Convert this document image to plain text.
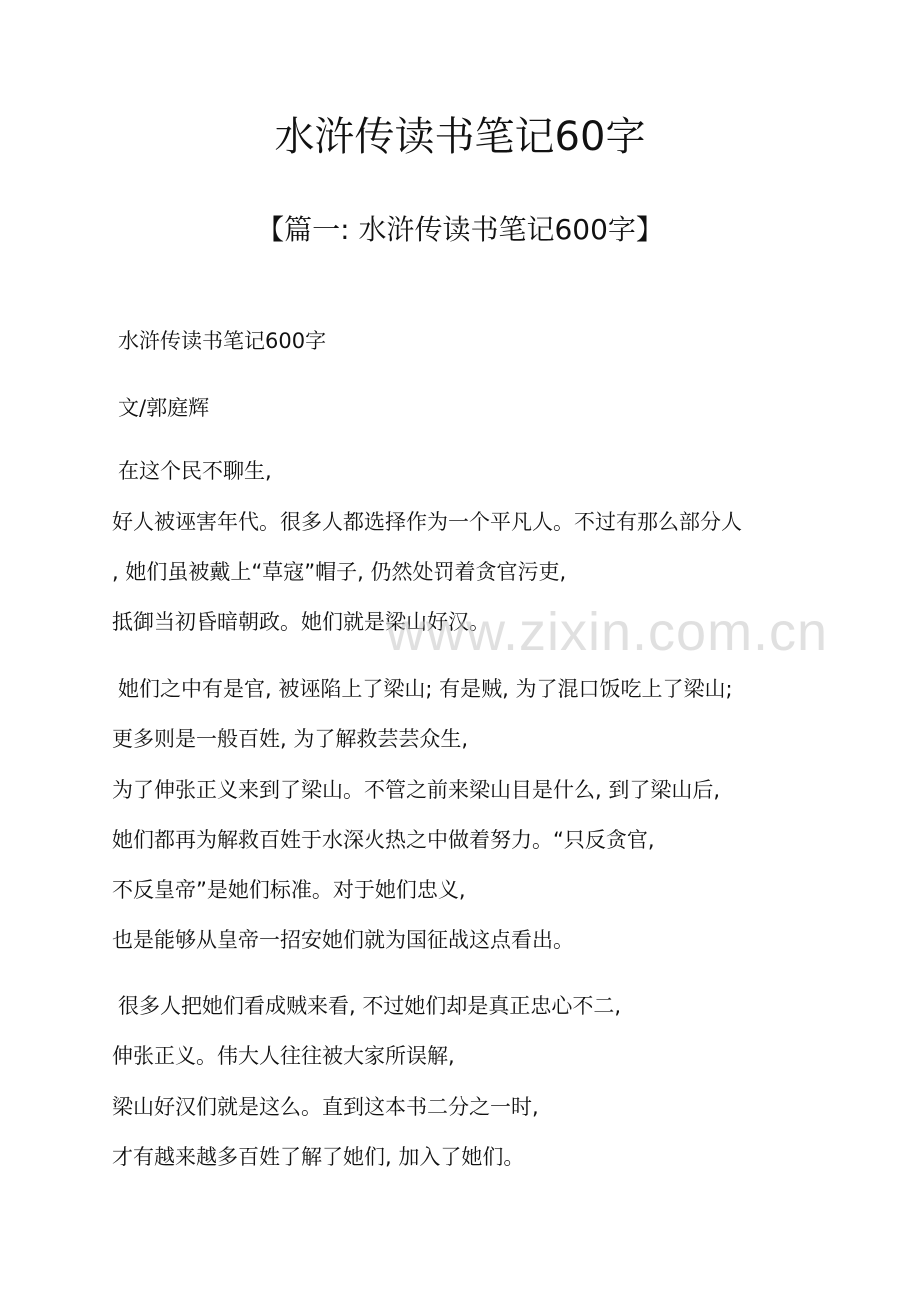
水浒传读书笔记60字
【篇一: 水浒传读书笔记600字】

水浒传读书笔记600字

文/郭庭辉

在这个民不聊生,

好人被诬害年代。很多人都选择作为一个平凡人。不过有那么部分人

, 她们虽被戴上“草寇”帽子, 仍然处罚着贪官污吏,

抵御当初昏暗朝政。她们就是梁山好汉。

她们之中有是官, 被诬陷上了梁山; 有是贼, 为了混口饭吃上了梁山;

更多则是一般百姓, 为了解救芸芸众生,

为了伸张正义来到了梁山。不管之前来梁山目是什么, 到了梁山后,

她们都再为解救百姓于水深火热之中做着努力。“只反贪官,

不反皇帝”是她们标准。对于她们忠义,

也是能够从皇帝一招安她们就为国征战这点看出。

很多人把她们看成贼来看, 不过她们却是真正忠心不二,

伸张正义。伟大人往往被大家所误解,

梁山好汉们就是这么。直到这本书二分之一时,

才有越来越多百姓了解了她们, 加入了她们。

www.zixin.com.cn
